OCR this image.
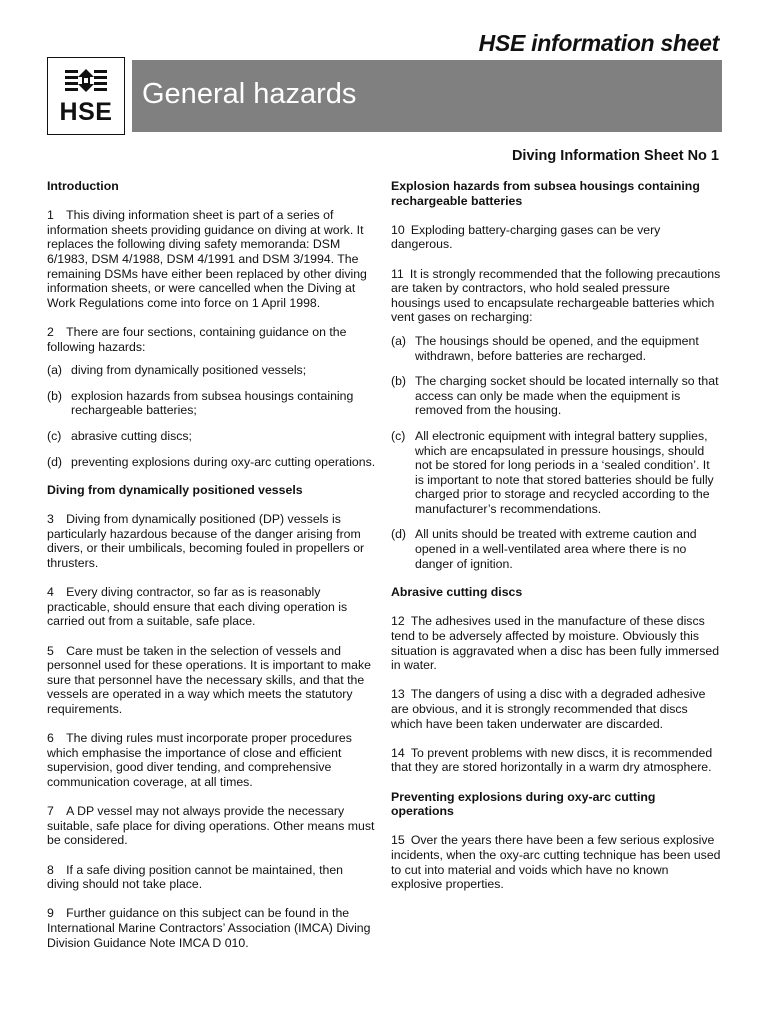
HSE information sheet
HSE
General hazards
Diving Information Sheet No 1
Introduction

1 This diving information sheet is part of a series of information sheets providing guidance on diving at work. It replaces the following diving safety memoranda: DSM 6/1983, DSM 4/1988, DSM 4/1991 and DSM 3/1994. The remaining DSMs have either been replaced by other diving information sheets, or were cancelled when the Diving at Work Regulations come into force on 1 April 1998.

2 There are four sections, containing guidance on the following hazards:

(a) diving from dynamically positioned vessels;
(b) explosion hazards from subsea housings containing rechargeable batteries;
(c) abrasive cutting discs;
(d) preventing explosions during oxy-arc cutting operations.
Diving from dynamically positioned vessels

3 Diving from dynamically positioned (DP) vessels is particularly hazardous because of the danger arising from divers, or their umbilicals, becoming fouled in propellers or thrusters.

4 Every diving contractor, so far as is reasonably practicable, should ensure that each diving operation is carried out from a suitable, safe place.

5 Care must be taken in the selection of vessels and personnel used for these operations. It is important to make sure that personnel have the necessary skills, and that the vessels are operated in a way which meets the statutory requirements.

6 The diving rules must incorporate proper procedures which emphasise the importance of close and efficient supervision, good diver tending, and comprehensive communication coverage, at all times.

7 A DP vessel may not always provide the necessary suitable, safe place for diving operations. Other means must be considered.

8 If a safe diving position cannot be maintained, then diving should not take place.

9 Further guidance on this subject can be found in the International Marine Contractors’ Association (IMCA) Diving Division Guidance Note IMCA D 010.

Explosion hazards from subsea housings containing rechargeable batteries

10 Exploding battery-charging gases can be very dangerous.

11 It is strongly recommended that the following precautions are taken by contractors, who hold sealed pressure housings used to encapsulate rechargeable batteries which vent gases on recharging:

(a) The housings should be opened, and the equipment withdrawn, before batteries are recharged.
(b) The charging socket should be located internally so that access can only be made when the equipment is removed from the housing.
(c) All electronic equipment with integral battery supplies, which are encapsulated in pressure housings, should not be stored for long periods in a ‘sealed condition’. It is important to note that stored batteries should be fully charged prior to storage and recycled according to the manufacturer’s recommendations.
(d) All units should be treated with extreme caution and opened in a well-ventilated area where there is no danger of ignition.
Abrasive cutting discs

12 The adhesives used in the manufacture of these discs tend to be adversely affected by moisture. Obviously this situation is aggravated when a disc has been fully immersed in water.

13 The dangers of using a disc with a degraded adhesive are obvious, and it is strongly recommended that discs which have been taken underwater are discarded.

14 To prevent problems with new discs, it is recommended that they are stored horizontally in a warm dry atmosphere.

Preventing explosions during oxy-arc cutting operations

15 Over the years there have been a few serious explosive incidents, when the oxy-arc cutting technique has been used to cut into material and voids which have no known explosive properties.
